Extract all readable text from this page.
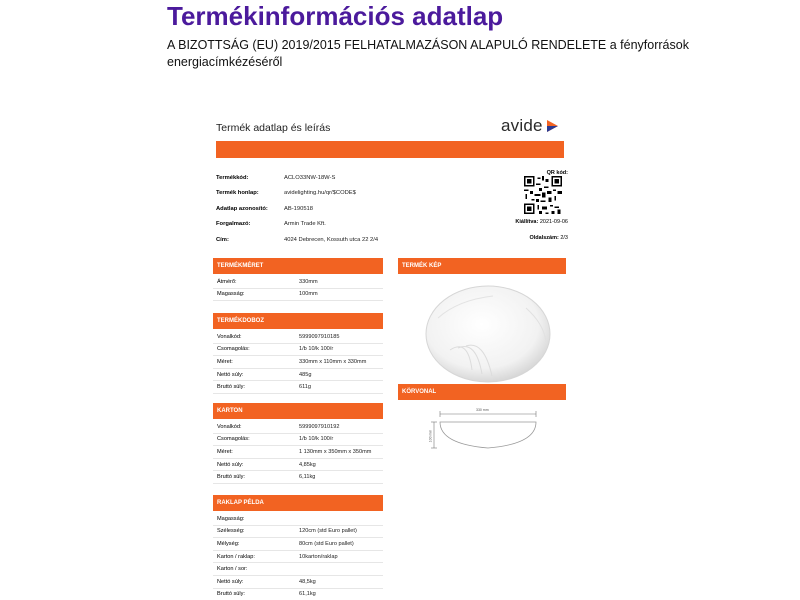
Termékinformációs adatlap
A BIZOTTSÁG (EU) 2019/2015 FELHATALMAZÁSON ALAPULÓ RENDELETE a fényforrások energiacímkézéséről
Termék adatlap és leírás	avide
Termékkód:	ACLO33NW-18W-S
Termék honlap:	avidelighting.hu/qr/$CODE$
Adatlap azonosító:	AB-190518
Forgalmazó:	Armin Trade Kft.
Cím:	4024 Debrecen, Kossuth utca 22 2/4
QR kód:
Kiállítva: 2021-09-06
Oldalszám: 2/3
TERMÉKMÉRET
Átmérő:	330mm
Magasság:	100mm
TERMÉKDOBOZ
Vonalkód:	5999097910185
Csomagolás:	1/b 10/k 100/r
Méret:	330mm x 110mm x 330mm
Nettó súly:	485g
Bruttó súly:	611g
KARTON
Vonalkód:	5999097910192
Csomagolás:	1/b 10/k 100/r
Méret:	1 130mm x 350mm x 350mm
Nettó súly:	4,85kg
Bruttó súly:	6,11kg
RAKLAP PÉLDA
Magasság:
Szélesség:	120cm (std Euro pallet)
Mélység:	80cm (std Euro pallet)
Karton / raklap:	10karton/raklap
Karton / sor:
Nettó súly:	48,5kg
Bruttó súly:	61,1kg
TERMÉK KÉP
KÖRVONAL
330 mm
100 mm
